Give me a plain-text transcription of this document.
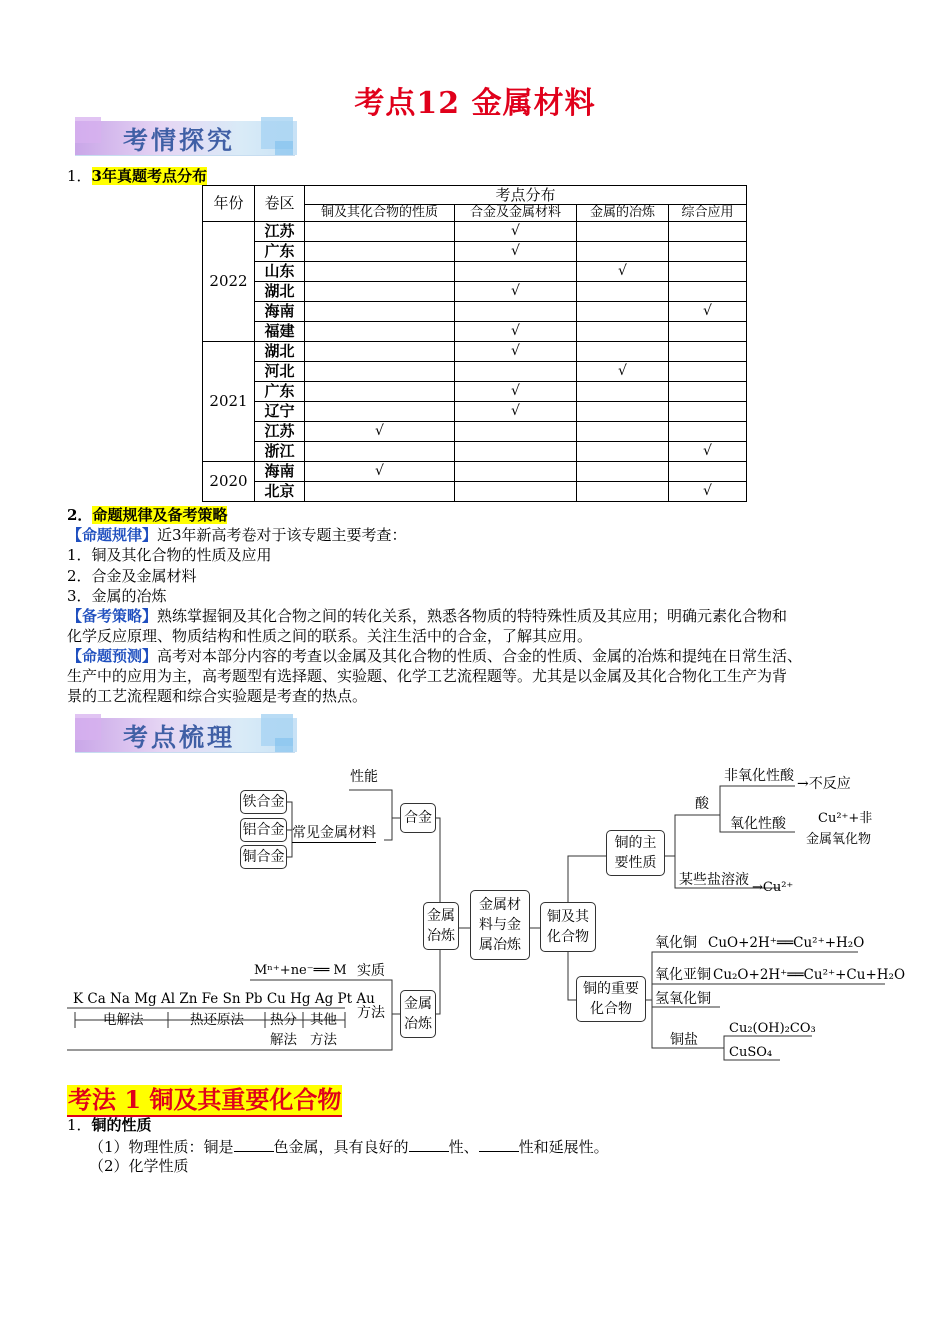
考点12 金属材料
考情探究
1．3年真题考点分布
年份	卷区	考点分布			
		铜及其化合物的性质	合金及金属材料	金属的冶炼	综合应用
2022	江苏		√		
	广东		√		
	山东			√	
	湖北		√		
	海南				√
	福建		√		
2021	湖北		√		
	河北			√	
	广东		√		
	辽宁		√		
	江苏	√			
	浙江				√
2020	海南	√			
	北京				√
2．命题规律及备考策略
【命题规律】近3年新高考卷对于该专题主要考查：
1．铜及其化合物的性质及应用
2．合金及金属材料
3．金属的冶炼
【备考策略】熟练掌握铜及其化合物之间的转化关系，熟悉各物质的特特殊性质及其应用；明确元素化合物和
化学反应原理、物质结构和性质之间的联系。关注生活中的合金，了解其应用。
【命题预测】高考对本部分内容的考查以金属及其化合物的性质、合金的性质、金属的冶炼和提纯在日常生活、
生产中的应用为主，高考题型有选择题、实验题、化学工艺流程题等。尤其是以金属及其化合物化工生产为背
景的工艺流程题和综合实验题是考查的热点。
考点梳理
金属材料与金属冶炼
合金
性能
常见金属材料
铁合金
铝合金
铜合金
金属冶炼
金属冶炼
Mⁿ⁺+ne⁻══ M 实质
方法
K Ca Na Mg Al Zn Fe Sn Pb Cu Hg Ag Pt Au
电解法	热还原法 热分
解法
其他
方法
铜及其化合物
铜的主要性质
铜的重要化合物
酸
非氧化性酸 →不反应
氧化性酸 Cu²⁺+非
金属氧化物
某些盐溶液 →Cu²⁺
氧化铜 CuO+2H⁺══Cu²⁺+H₂O
氧化亚铜 Cu₂O+2H⁺══Cu²⁺+Cu+H₂O
氢氧化铜
铜盐
Cu₂(OH)₂CO₃
CuSO₄
考法 1 铜及其重要化合物
1．铜的性质
（1）物理性质：铜是	色金属，具有良好的	性、	性和延展性。
（2）化学性质
